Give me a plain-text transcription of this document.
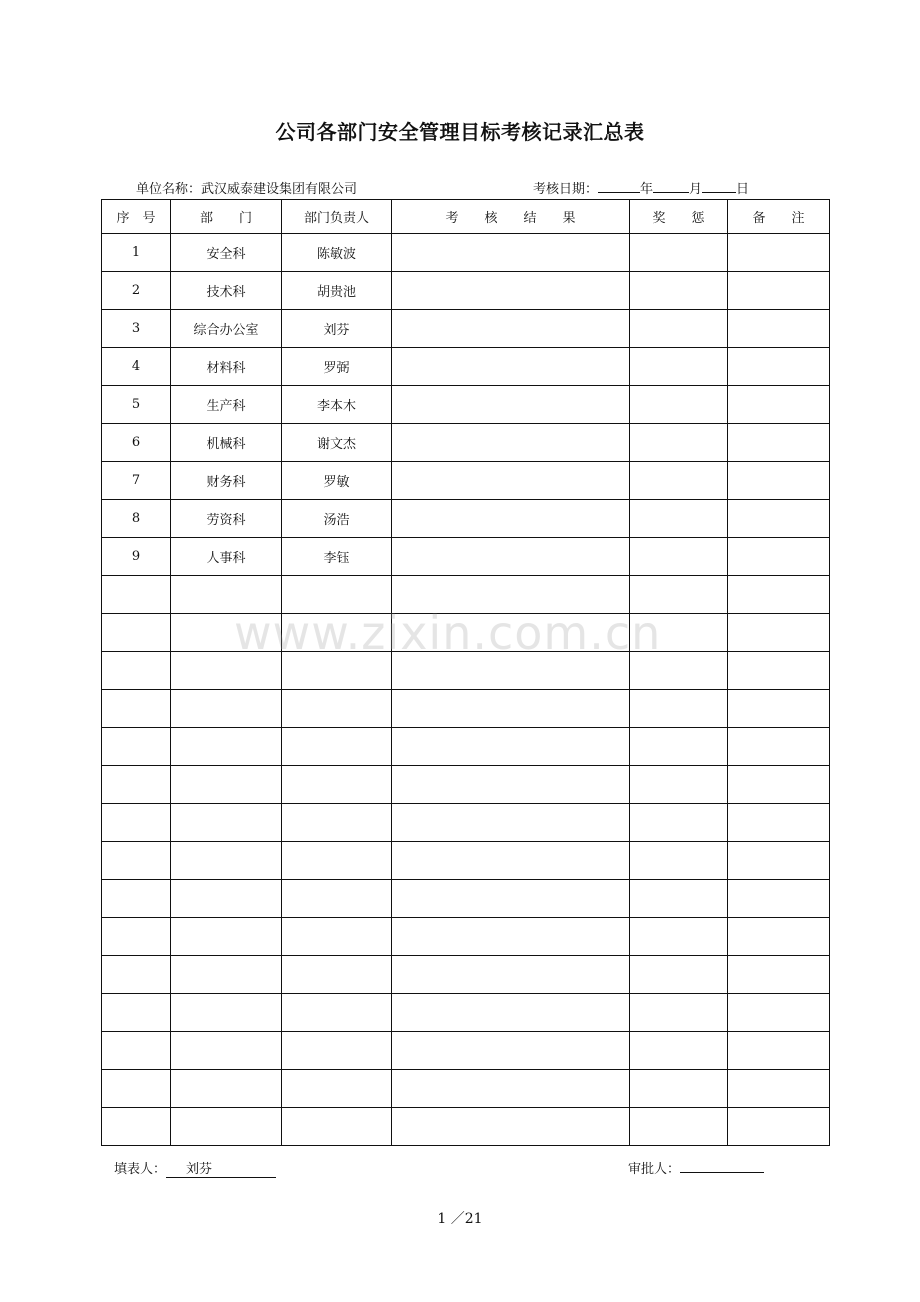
公司各部门安全管理目标考核记录汇总表
单位名称：武汉威泰建设集团有限公司	考核日期：	年	月	日
序　号	部　　门	部门负责人	考　　核　　结　　果	奖　　惩	备　　注
1	安全科	陈敏波			
2	技术科	胡贵池			
3	综合办公室	刘芬			
4	材料科	罗弼			
5	生产科	李本木			
6	机械科	谢文杰			
7	财务科	罗敏			
8	劳资科	汤浩			
9	人事科	李钰			

www.zixin.com.cn
填表人： 刘芬	审批人：
1 ／21
